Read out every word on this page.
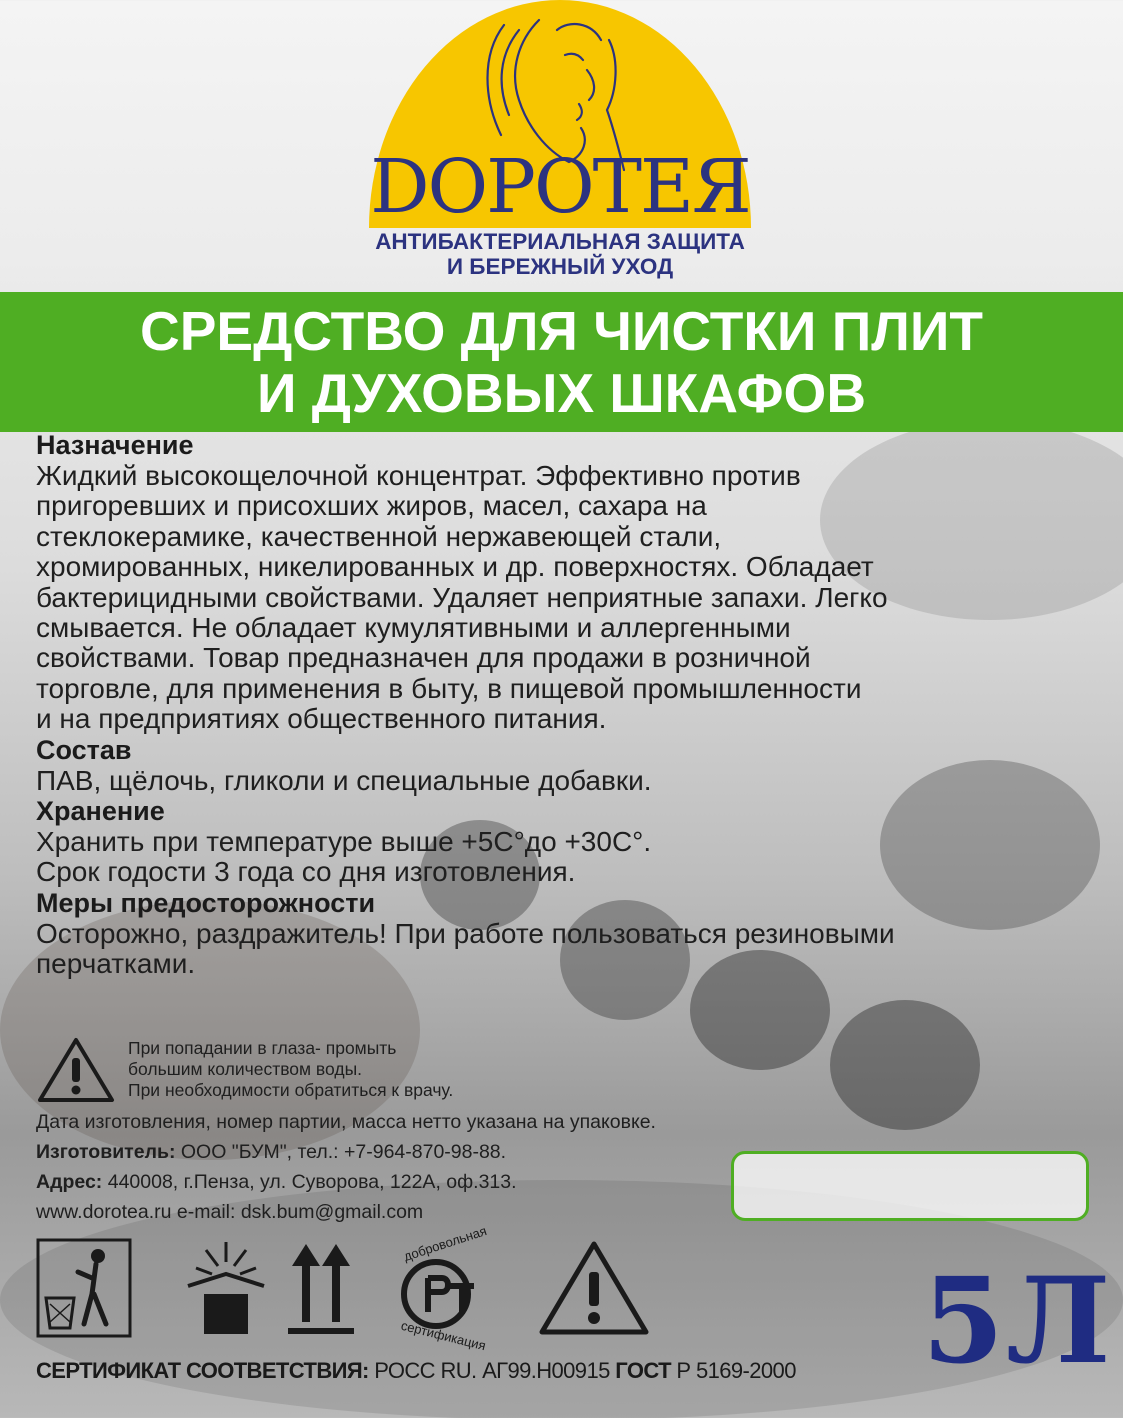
DOPOTEЯ
АНТИБАКТЕРИАЛЬНАЯ ЗАЩИТА
И БЕРЕЖНЫЙ УХОД
СРЕДСТВО ДЛЯ ЧИСТКИ ПЛИТ
И ДУХОВЫХ ШКАФОВ
Назначение
Жидкий высокощелочной концентрат. Эффективно против
пригоревших и присохших жиров, масел, сахара на
стеклокерамике, качественной нержавеющей стали,
хромированных, никелированных и др. поверхностях. Обладает
бактерицидными свойствами. Удаляет неприятные запахи. Легко
смывается. Не обладает кумулятивными и аллергенными
свойствами. Товар предназначен для продажи в розничной
торговле, для применения в быту, в пищевой промышленности
и на предприятиях общественного питания.
Состав
ПАВ, щёлочь, гликоли и специальные добавки.
Хранение
Хранить при температуре выше +5С°до +30С°.
Срок годости 3 года со дня изготовления.
Меры предосторожности
Осторожно, раздражитель! При работе пользоваться резиновыми
перчатками.
При попадании в глаза- промыть
большим количеством воды.
При необходимости обратиться к врачу.
Дата изготовления, номер партии, масса нетто указана на упаковке.
Изготовитель: ООО "БУМ", тел.: +7-964-870-98-88.
Адрес: 440008, г.Пенза, ул. Суворова, 122А, оф.313.
www.dorotea.ru e-mail: dsk.bum@gmail.com
добровольная
сертификация	5Л
СЕРТИФИКАТ СООТВЕТСТВИЯ: РОСС RU. АГ99.Н00915 ГОСТ Р 5169-2000
